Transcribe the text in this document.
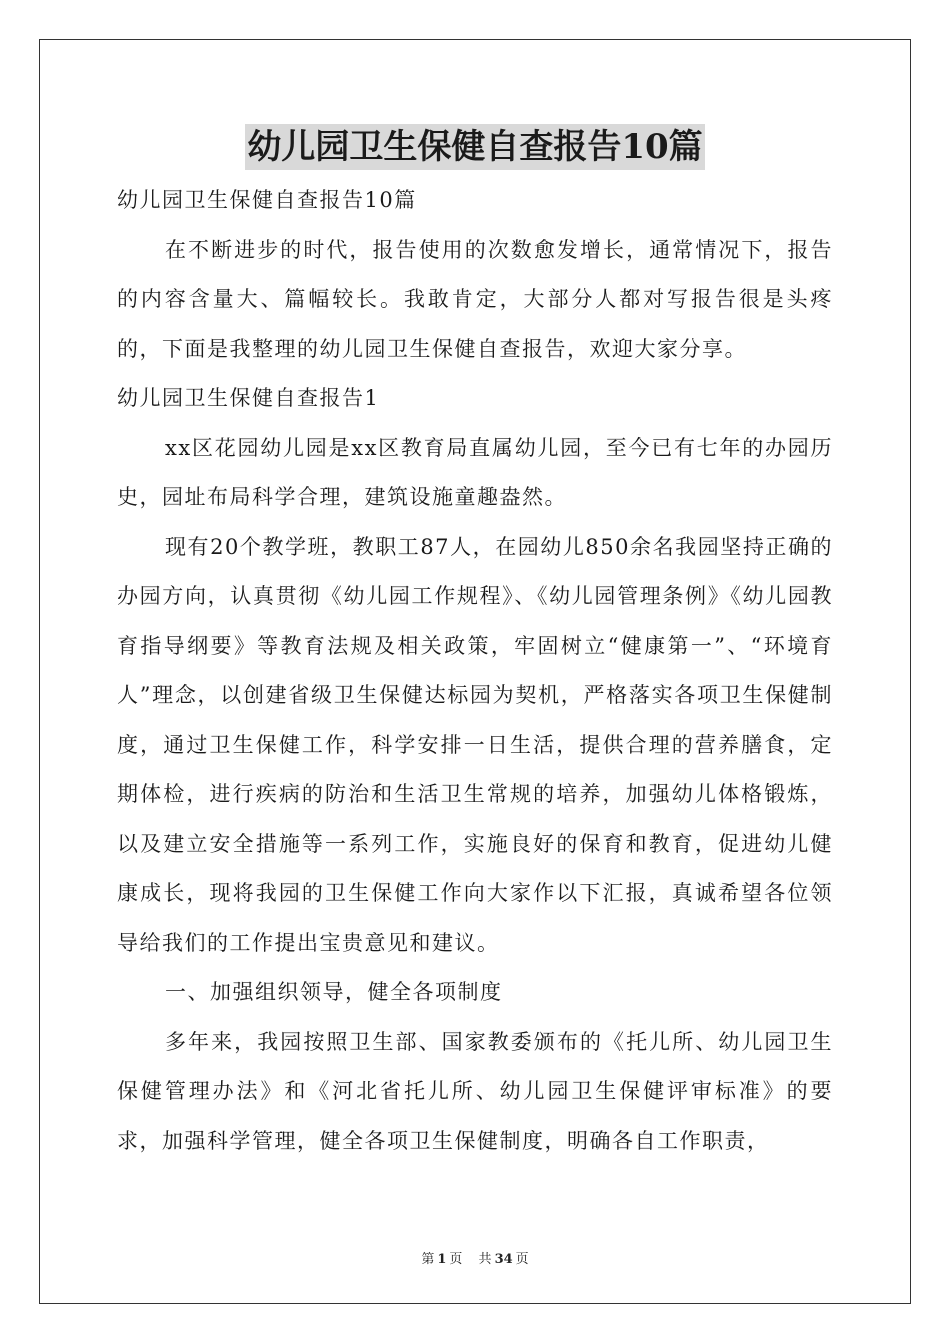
幼儿园卫生保健自查报告10篇

幼儿园卫生保健自查报告10篇

在不断进步的时代，报告使用的次数愈发增长，通常情况下，报告的内容含量大、篇幅较长。我敢肯定，大部分人都对写报告很是头疼的，下面是我整理的幼儿园卫生保健自查报告，欢迎大家分享。

幼儿园卫生保健自查报告1

xx区花园幼儿园是xx区教育局直属幼儿园，至今已有七年的办园历史，园址布局科学合理，建筑设施童趣盎然。

现有20个教学班，教职工87人，在园幼儿850余名我园坚持正确的办园方向，认真贯彻《幼儿园工作规程》、《幼儿园管理条例》《幼儿园教育指导纲要》等教育法规及相关政策，牢固树立“健康第一”、“环境育人”理念，以创建省级卫生保健达标园为契机，严格落实各项卫生保健制度，通过卫生保健工作，科学安排一日生活，提供合理的营养膳食，定期体检，进行疾病的防治和生活卫生常规的培养，加强幼儿体格锻炼，以及建立安全措施等一系列工作，实施良好的保育和教育，促进幼儿健康成长，现将我园的卫生保健工作向大家作以下汇报，真诚希望各位领导给我们的工作提出宝贵意见和建议。

一、加强组织领导，健全各项制度

多年来，我园按照卫生部、国家教委颁布的《托儿所、幼儿园卫生保健管理办法》和《河北省托儿所、幼儿园卫生保健评审标准》的要求，加强科学管理，健全各项卫生保健制度，明确各自工作职责，

第 1 页 共 34 页
